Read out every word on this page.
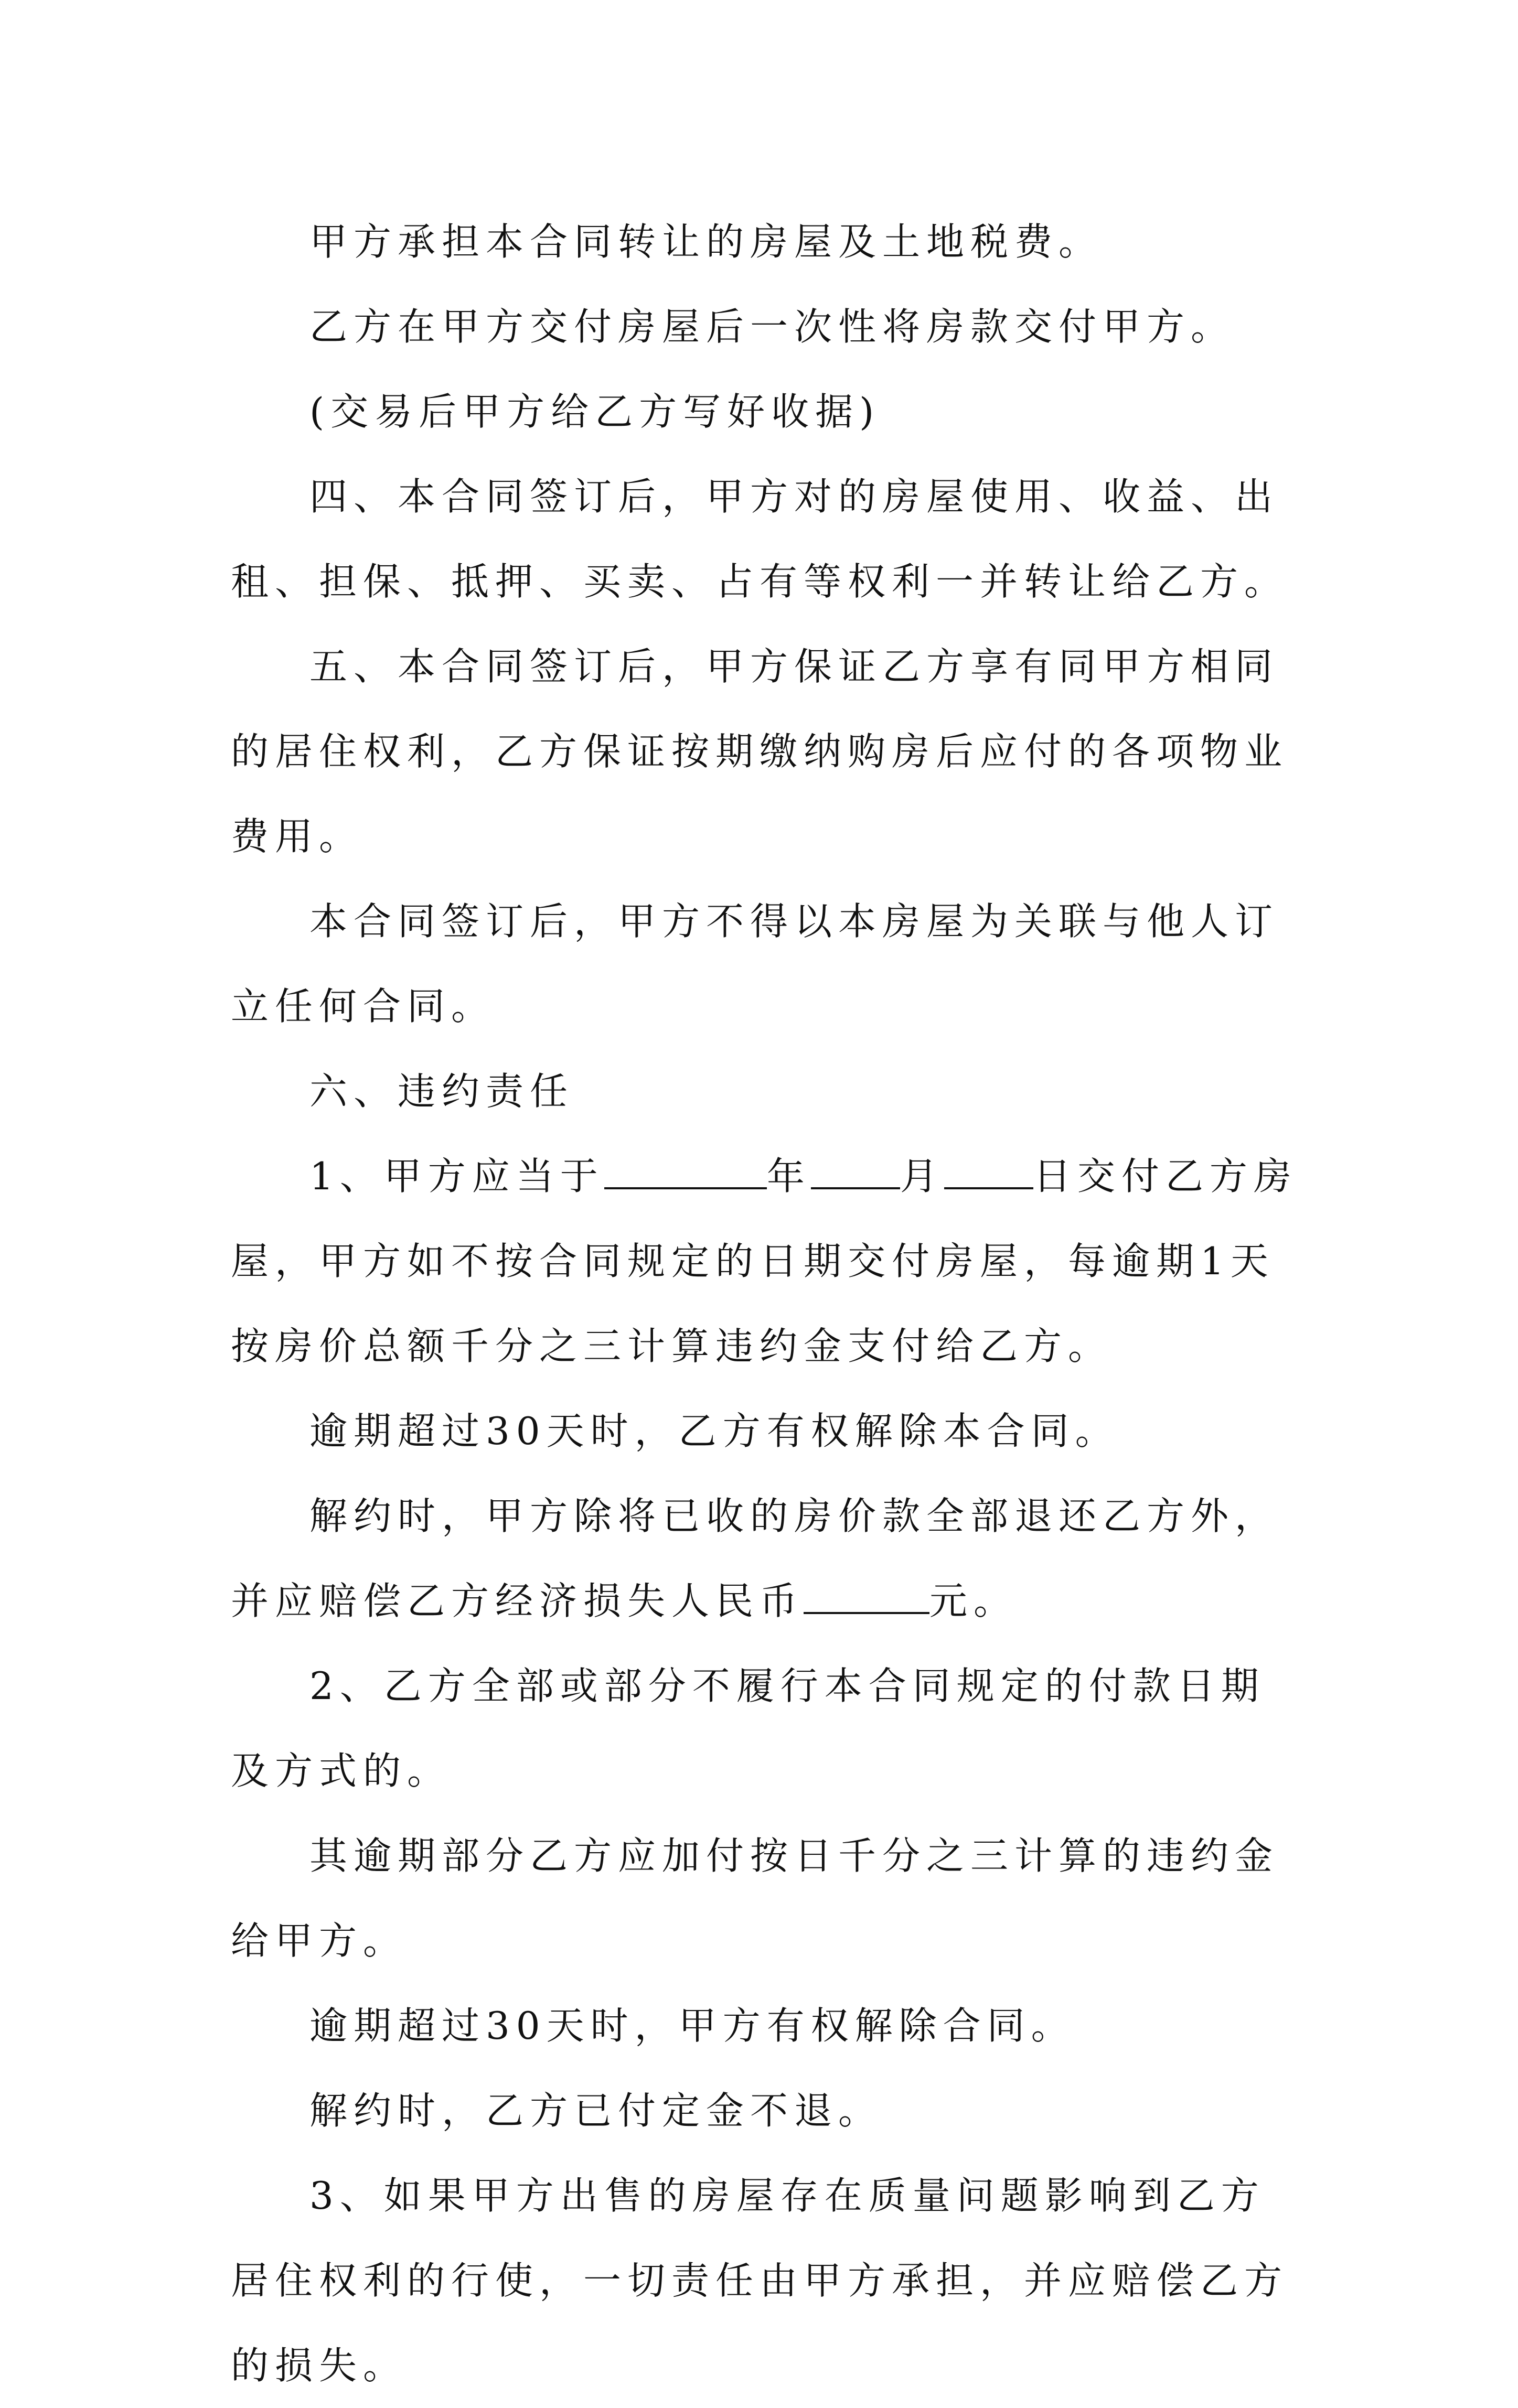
甲方承担本合同转让的房屋及土地税费。

乙方在甲方交付房屋后一次性将房款交付甲方。

(交易后甲方给乙方写好收据)

四、本合同签订后，甲方对的房屋使用、收益、出租、担保、抵押、买卖、占有等权利一并转让给乙方。

五、本合同签订后，甲方保证乙方享有同甲方相同的居住权利，乙方保证按期缴纳购房后应付的各项物业费用。

本合同签订后，甲方不得以本房屋为关联与他人订立任何合同。

六、违约责任

1、甲方应当于	年 月 日交付乙方房屋，甲方如不按合同规定的日期交付房屋，每逾期1天按房价总额千分之三计算违约金支付给乙方。

逾期超过30天时，乙方有权解除本合同。

解约时，甲方除将已收的房价款全部退还乙方外，并应赔偿乙方经济损失人民币	元。

2、乙方全部或部分不履行本合同规定的付款日期及方式的。

其逾期部分乙方应加付按日千分之三计算的违约金给甲方。

逾期超过30天时，甲方有权解除合同。

解约时，乙方已付定金不退。

3、如果甲方出售的房屋存在质量问题影响到乙方居住权利的行使，一切责任由甲方承担，并应赔偿乙方的损失。
